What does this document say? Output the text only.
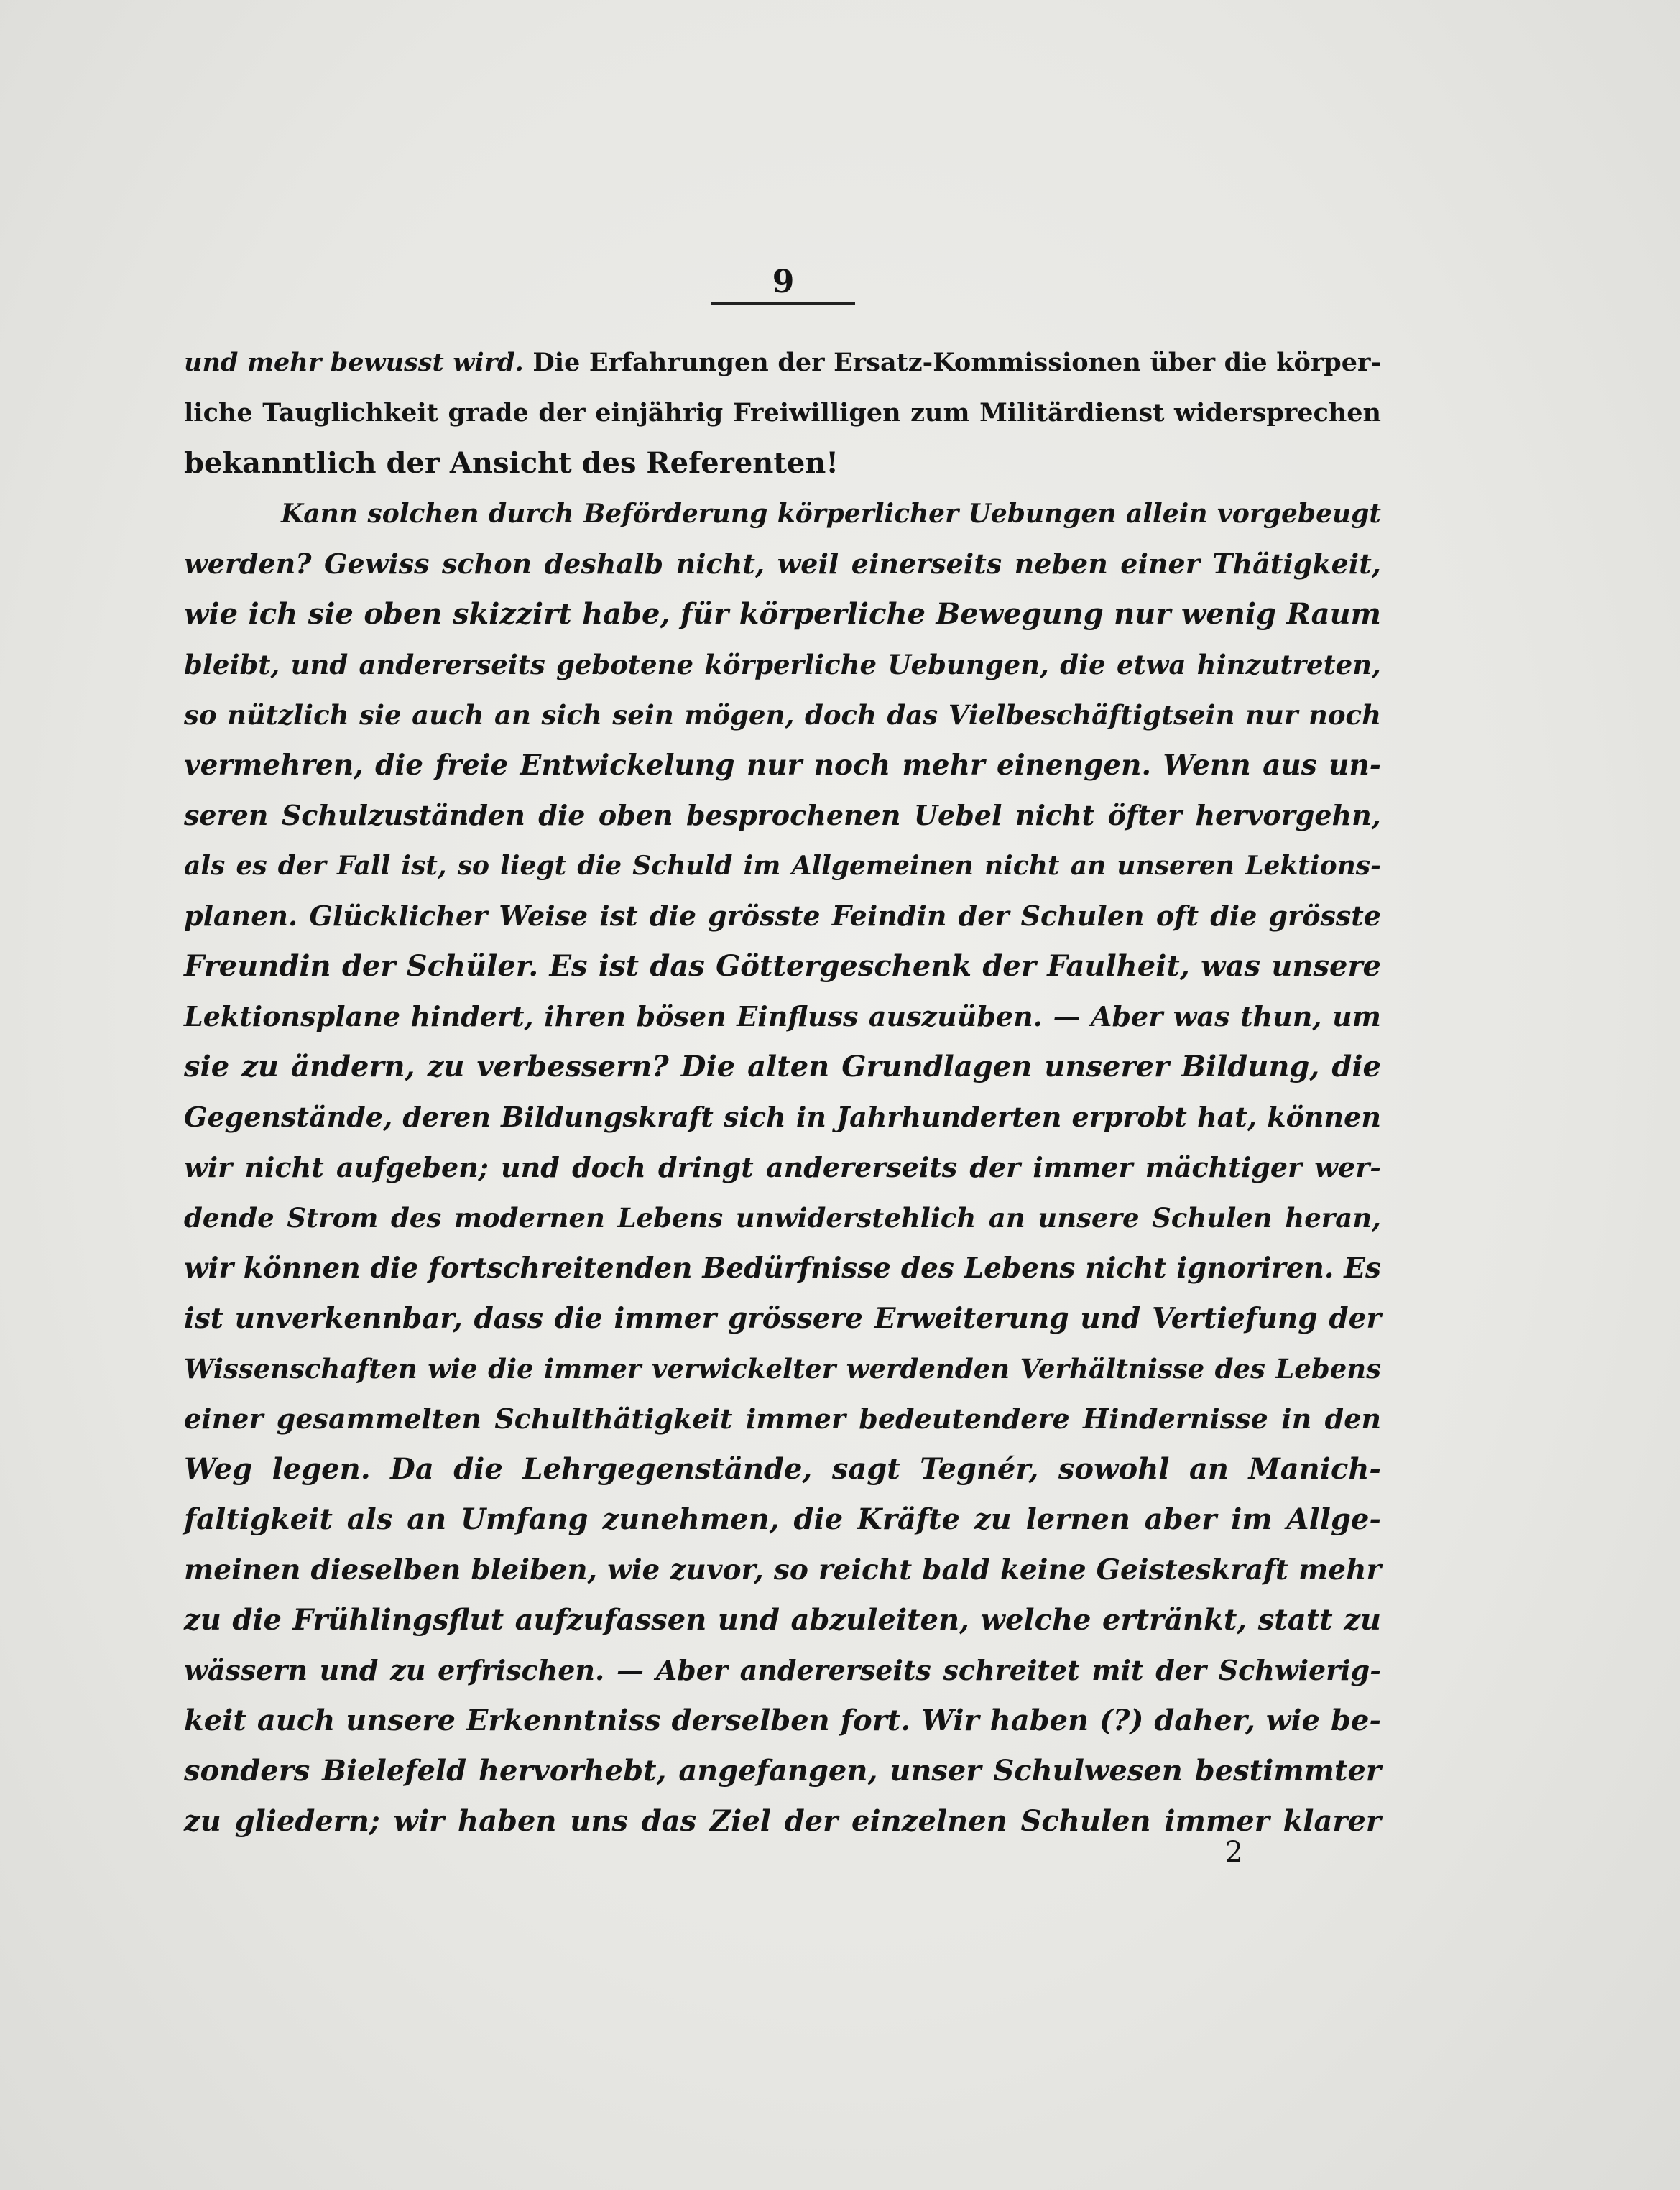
9
und mehr bewusst wird. Die Erfahrungen der Ersatz-Kommissionen über die körper-
liche Tauglichkeit grade der einjährig Freiwilligen zum Militärdienst widersprechen
bekanntlich der Ansicht des Referenten!
Kann solchen durch Beförderung körperlicher Uebungen allein vorgebeugt
werden? Gewiss schon deshalb nicht, weil einerseits neben einer Thätigkeit,
wie ich sie oben skizzirt habe, für körperliche Bewegung nur wenig Raum
bleibt, und andererseits gebotene körperliche Uebungen, die etwa hinzutreten,
so nützlich sie auch an sich sein mögen, doch das Vielbeschäftigtsein nur noch
vermehren, die freie Entwickelung nur noch mehr einengen. Wenn aus un-
seren Schulzuständen die oben besprochenen Uebel nicht öfter hervorgehn,
als es der Fall ist, so liegt die Schuld im Allgemeinen nicht an unseren Lektions-
planen. Glücklicher Weise ist die grösste Feindin der Schulen oft die grösste
Freundin der Schüler. Es ist das Göttergeschenk der Faulheit, was unsere
Lektionsplane hindert, ihren bösen Einfluss auszuüben. — Aber was thun, um
sie zu ändern, zu verbessern? Die alten Grundlagen unserer Bildung, die
Gegenstände, deren Bildungskraft sich in Jahrhunderten erprobt hat, können
wir nicht aufgeben; und doch dringt andererseits der immer mächtiger wer-
dende Strom des modernen Lebens unwiderstehlich an unsere Schulen heran,
wir können die fortschreitenden Bedürfnisse des Lebens nicht ignoriren. Es
ist unverkennbar, dass die immer grössere Erweiterung und Vertiefung der
Wissenschaften wie die immer verwickelter werdenden Verhältnisse des Lebens
einer gesammelten Schulthätigkeit immer bedeutendere Hindernisse in den
Weg legen. Da die Lehrgegenstände, sagt Tegnér, sowohl an Manich-
faltigkeit als an Umfang zunehmen, die Kräfte zu lernen aber im Allge-
meinen dieselben bleiben, wie zuvor, so reicht bald keine Geisteskraft mehr
zu die Frühlingsflut aufzufassen und abzuleiten, welche ertränkt, statt zu
wässern und zu erfrischen. — Aber andererseits schreitet mit der Schwierig-
keit auch unsere Erkenntniss derselben fort. Wir haben (?) daher, wie be-
sonders Bielefeld hervorhebt, angefangen, unser Schulwesen bestimmter
zu gliedern; wir haben uns das Ziel der einzelnen Schulen immer klarer
2
